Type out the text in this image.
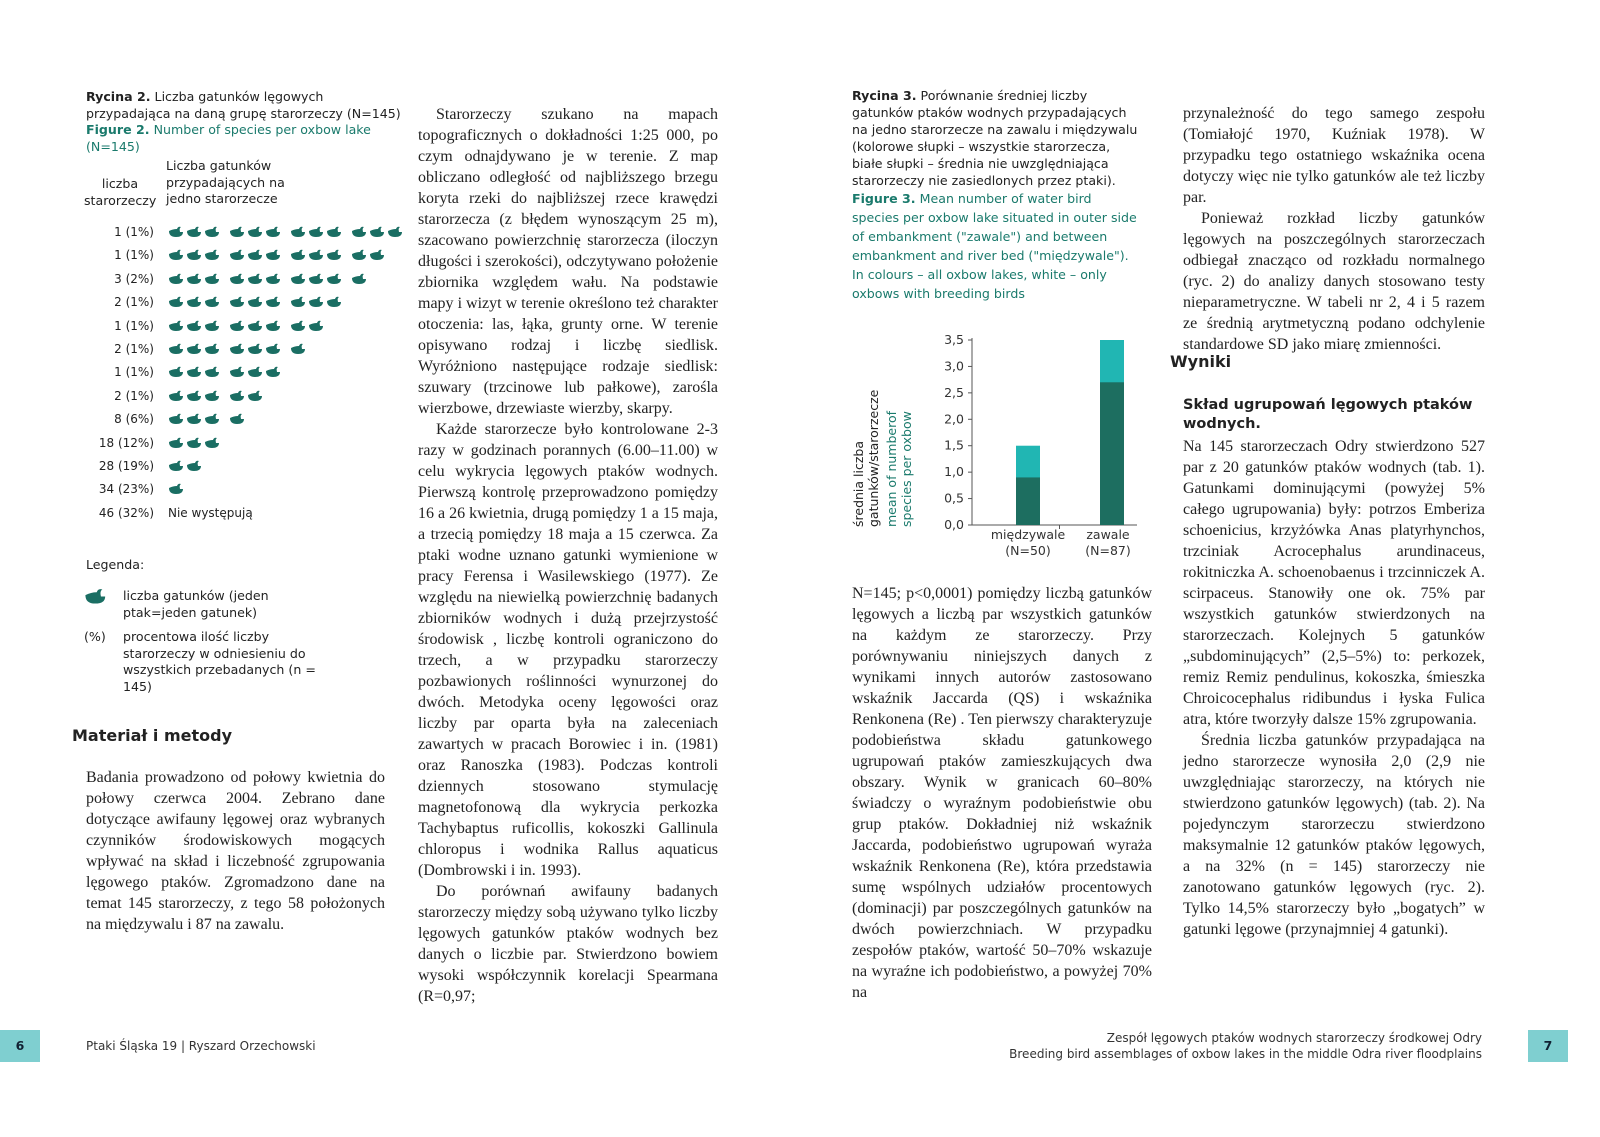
Rycina 2. Liczba gatunków lęgowych przypadająca na daną grupę starorzeczy (N=145)
Figure 2. Number of species per oxbow lake (N=145)
liczba starorzeczy
Liczba gatunków przypadających na jedno starorzecze
1 (1%)
1 (1%)
3 (2%)
2 (1%)
1 (1%)
2 (1%)
1 (1%)
2 (1%)
8 (6%)
18 (12%)
28 (19%)
34 (23%)
46 (32%) Nie występują
Legenda:
liczba gatunków (jeden ptak=jeden gatunek)
(%) procentowa ilość liczby starorzeczy w odniesieniu do wszystkich przebadanych (n = 145)
Materiał i metody

Badania prowadzono od połowy kwietnia do połowy czerwca 2004. Zebrano dane dotyczące awifauny lęgowej oraz wybranych czynników środowiskowych mogących wpływać na skład i liczebność zgrupowania lęgowego ptaków. Zgromadzono dane na temat 145 starorzeczy, z tego 58 położonych na międzywalu i 87 na zawalu.

Starorzeczy szukano na mapach topograficznych o dokładności 1:25 000, po czym odnajdywano je w terenie. Z map obliczano odległość od najbliższego brzegu koryta rzeki do najbliższej rzece krawędzi starorzecza (z błędem wynoszącym 25 m), szacowano powierzchnię starorzecza (iloczyn długości i szerokości), odczytywano położenie zbiornika względem wału. Na podstawie mapy i wizyt w terenie określono też charakter otoczenia: las, łąka, grunty orne. W terenie opisywano rodzaj i liczbę siedlisk. Wyróżniono następujące rodzaje siedlisk: szuwary (trzcinowe lub pałkowe), zarośla wierzbowe, drzewiaste wierzby, skarpy.

Każde starorzecze było kontrolowane 2-3 razy w godzinach porannych (6.00–11.00) w celu wykrycia lęgowych ptaków wodnych. Pierwszą kontrolę przeprowadzono pomiędzy 16 a 26 kwietnia, drugą pomiędzy 1 a 15 maja, a trzecią pomiędzy 18 maja a 15 czerwca. Za ptaki wodne uznano gatunki wymienione w pracy Ferensa i Wasilewskiego (1977). Ze względu na niewielką powierzchnię badanych zbiorników wodnych i dużą przejrzystość środowisk , liczbę kontroli ograniczono do trzech, a w przypadku starorzeczy pozbawionych roślinności wynurzonej do dwóch. Metodyka oceny lęgowości oraz liczby par oparta była na zaleceniach zawartych w pracach Borowiec i in. (1981) oraz Ranoszka (1983). Podczas kontroli dziennych stosowano stymulację magnetofonową dla wykrycia perkozka Tachybaptus ruficollis, kokoszki Gallinula chloropus i wodnika Rallus aquaticus (Dombrowski i in. 1993).

Do porównań awifauny badanych starorzeczy między sobą używano tylko liczby lęgowych gatunków ptaków wodnych bez danych o liczbie par. Stwierdzono bowiem wysoki współczynnik korelacji Spearmana (R=0,97;

6	Ptaki Śląska 19 | Ryszard Orzechowski
Rycina 3. Porównanie średniej liczby gatunków ptaków wodnych przypadających na jedno starorzecze na zawalu i międzywalu (kolorowe słupki – wszystkie starorzecza, białe słupki – średnia nie uwzględniająca starorzeczy nie zasiedlonych przez ptaki).
Figure 3. Mean number of water bird species per oxbow lake situated in outer side of embankment ("zawale") and between embankment and river bed ("międzywale"). In colours – all oxbow lakes, white – only oxbows with breeding birds
0,0
0,5
1,0
1,5
2,0
2,5
3,0
3,5
międzywale
(N=50)
zawale
(N=87)
średnia liczbagatunków/starorzecze mean of numberofspecies per oxbow

N=145; p<0,0001) pomiędzy liczbą gatunków lęgowych a liczbą par wszystkich gatunków na każdym ze starorzeczy. Przy porównywaniu niniejszych danych z wynikami innych autorów zastosowano wskaźnik Jaccarda (QS) i wskaźnika Renkonena (Re) . Ten pierwszy charakteryzuje podobieństwa składu gatunkowego ugrupowań ptaków zamieszkujących dwa obszary. Wynik w granicach 60–80% świadczy o wyraźnym podobieństwie obu grup ptaków. Dokładniej niż wskaźnik Jaccarda, podobieństwo ugrupowań wyraża wskaźnik Renkonena (Re), która przedstawia sumę wspólnych udziałów procentowych (dominacji) par poszczególnych gatunków na dwóch powierzchniach. W przypadku zespołów ptaków, wartość 50–70% wskazuje na wyraźne ich podobieństwo, a powyżej 70% na

przynależność do tego samego zespołu (Tomiałojć 1970, Kuźniak 1978). W przypadku tego ostatniego wskaźnika ocena dotyczy więc nie tylko gatunków ale też liczby par.

Ponieważ rozkład liczby gatunków lęgowych na poszczególnych starorzeczach odbiegał znacząco od rozkładu normalnego (ryc. 2) do analizy danych stosowano testy nieparametryczne. W tabeli nr 2, 4 i 5 razem ze średnią arytmetyczną podano odchylenie standardowe SD jako miarę zmienności.

Wyniki
Skład ugrupowań lęgowych ptaków wodnych.

Na 145 starorzeczach Odry stwierdzono 527 par z 20 gatunków ptaków wodnych (tab. 1). Gatunkami dominującymi (powyżej 5% całego ugrupowania) były: potrzos Emberiza schoenicius, krzyżówka Anas platyrhynchos, trzciniak Acrocephalus arundinaceus, rokitniczka A. schoenobaenus i trzcinniczek A. scirpaceus. Stanowiły one ok. 75% par wszystkich gatunków stwierdzonych na starorzeczach. Kolejnych 5 gatunków „subdominujących” (2,5–5%) to: perkozek, remiz Remiz pendulinus, kokoszka, śmieszka Chroicocephalus ridibundus i łyska Fulica atra, które tworzyły dalsze 15% zgrupowania.

Średnia liczba gatunków przypadająca na jedno starorzecze wynosiła 2,0 (2,9 nie uwzględniając starorzeczy, na których nie stwierdzono gatunków lęgowych) (tab. 2). Na pojedynczym starorzeczu stwierdzono maksymalnie 12 gatunków ptaków lęgowych, a na 32% (n = 145) starorzeczy nie zanotowano gatunków lęgowych (ryc. 2). Tylko 14,5% starorzeczy było „bogatych” w gatunki lęgowe (przynajmniej 4 gatunki).

Zespół lęgowych ptaków wodnych starorzeczy środkowej Odry
Breeding bird assemblages of oxbow lakes in the middle Odra river floodplains
7
